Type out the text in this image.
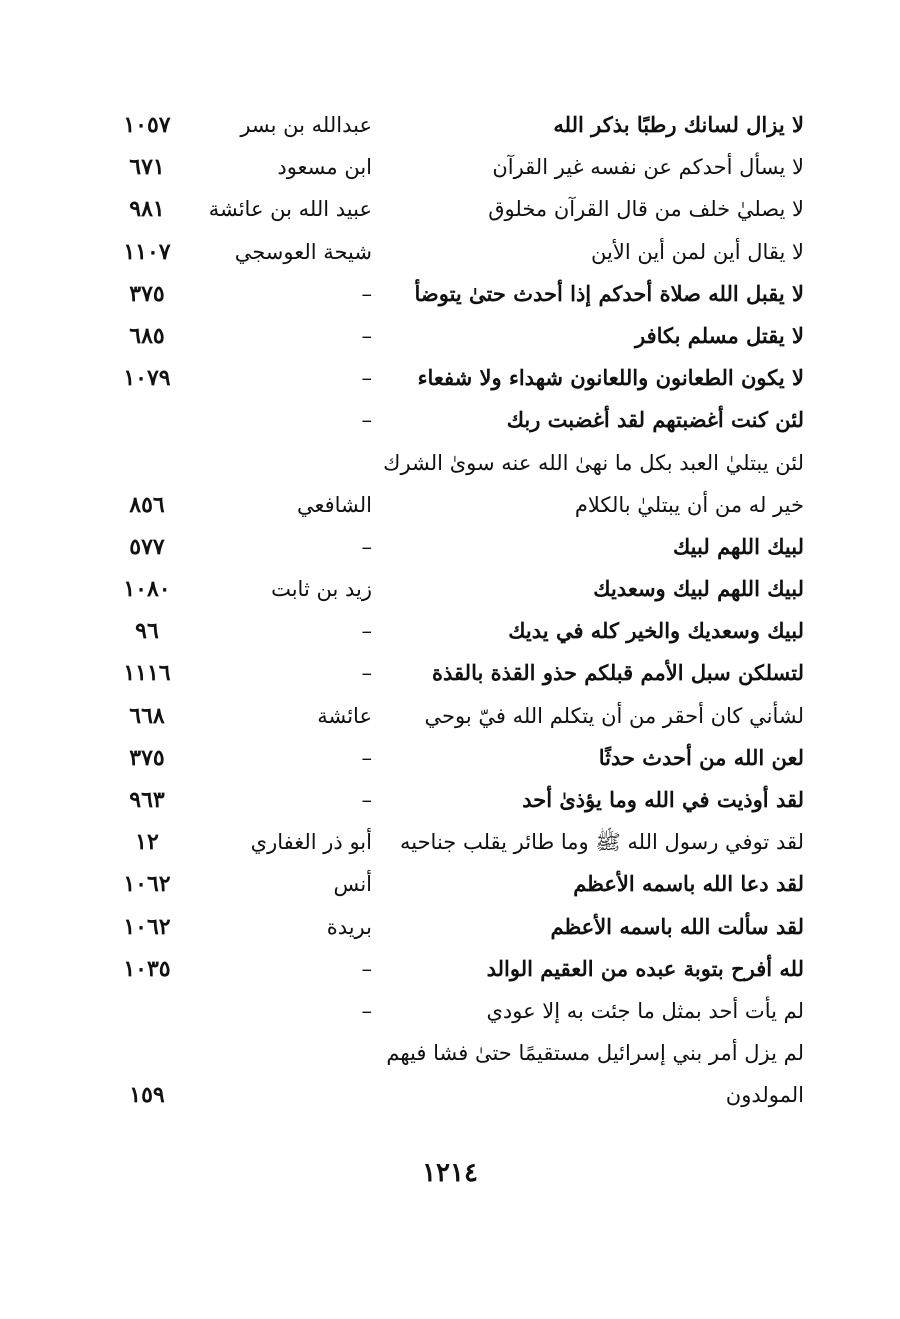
لا يزال لسانك رطبًا بذكر الله
عبدالله بن بسر
١٠٥٧
لا يسأل أحدكم عن نفسه غير القرآن
ابن مسعود
٦٧١
لا يصليٰ خلف من قال القرآن مخلوق
عبيد الله بن عائشة
٩٨١
لا يقال أين لمن أين الأين
شيحة العوسجي
١١٠٧
لا يقبل الله صلاة أحدكم إذا أحدث حتىٰ يتوضأ
–
٣٧٥
لا يقتل مسلم بكافر
–
٦٨٥
لا يكون الطعانون واللعانون شهداء ولا شفعاء
–
١٠٧٩
لئن كنت أغضبتهم لقد أغضبت ربك
–
لئن يبتليٰ العبد بكل ما نهىٰ الله عنه سوىٰ الشرك
خير له من أن يبتليٰ بالكلام
الشافعي
٨٥٦
لبيك اللهم لبيك
–
٥٧٧
لبيك اللهم لبيك وسعديك
زيد بن ثابت
١٠٨٠
لبيك وسعديك والخير كله في يديك
–
٩٦
لتسلكن سبل الأمم قبلكم حذو القذة بالقذة
–
١١١٦
لشأني كان أحقر من أن يتكلم الله فيّ بوحي
عائشة
٦٦٨
لعن الله من أحدث حدثًا
–
٣٧٥
لقد أوذيت في الله وما يؤذىٰ أحد
–
٩٦٣
لقد توفي رسول الله ﷺ وما طائر يقلب جناحيه
أبو ذر الغفاري
١٢
لقد دعا الله باسمه الأعظم
أنس
١٠٦٢
لقد سألت الله باسمه الأعظم
بريدة
١٠٦٢
لله أفرح بتوبة عبده من العقيم الوالد
–
١٠٣٥
لم يأت أحد بمثل ما جئت به إلا عودي
–
لم يزل أمر بني إسرائيل مستقيمًا حتىٰ فشا فيهم
المولدون
١٥٩
١٢١٤
